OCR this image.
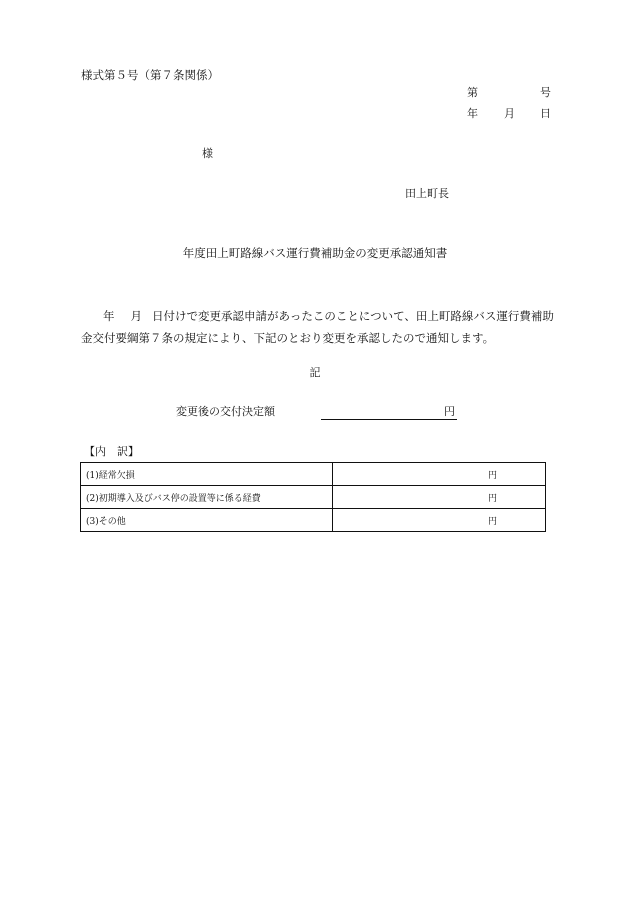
様式第５号（第７条関係）
第	号
年 月 日
様
田上町長
年度田上町路線バス運行費補助金の変更承認通知書
年 月 日付けで変更承認申請があったこのことについて、田上町路線バス運行費補助金交付要綱第７条の規定により、下記のとおり変更を承認したので通知します。
記
変更後の交付決定額	円
【内　訳】
(1)経常欠損	円
(2)初期導入及びバス停の設置等に係る経費	円
(3)その他	円
